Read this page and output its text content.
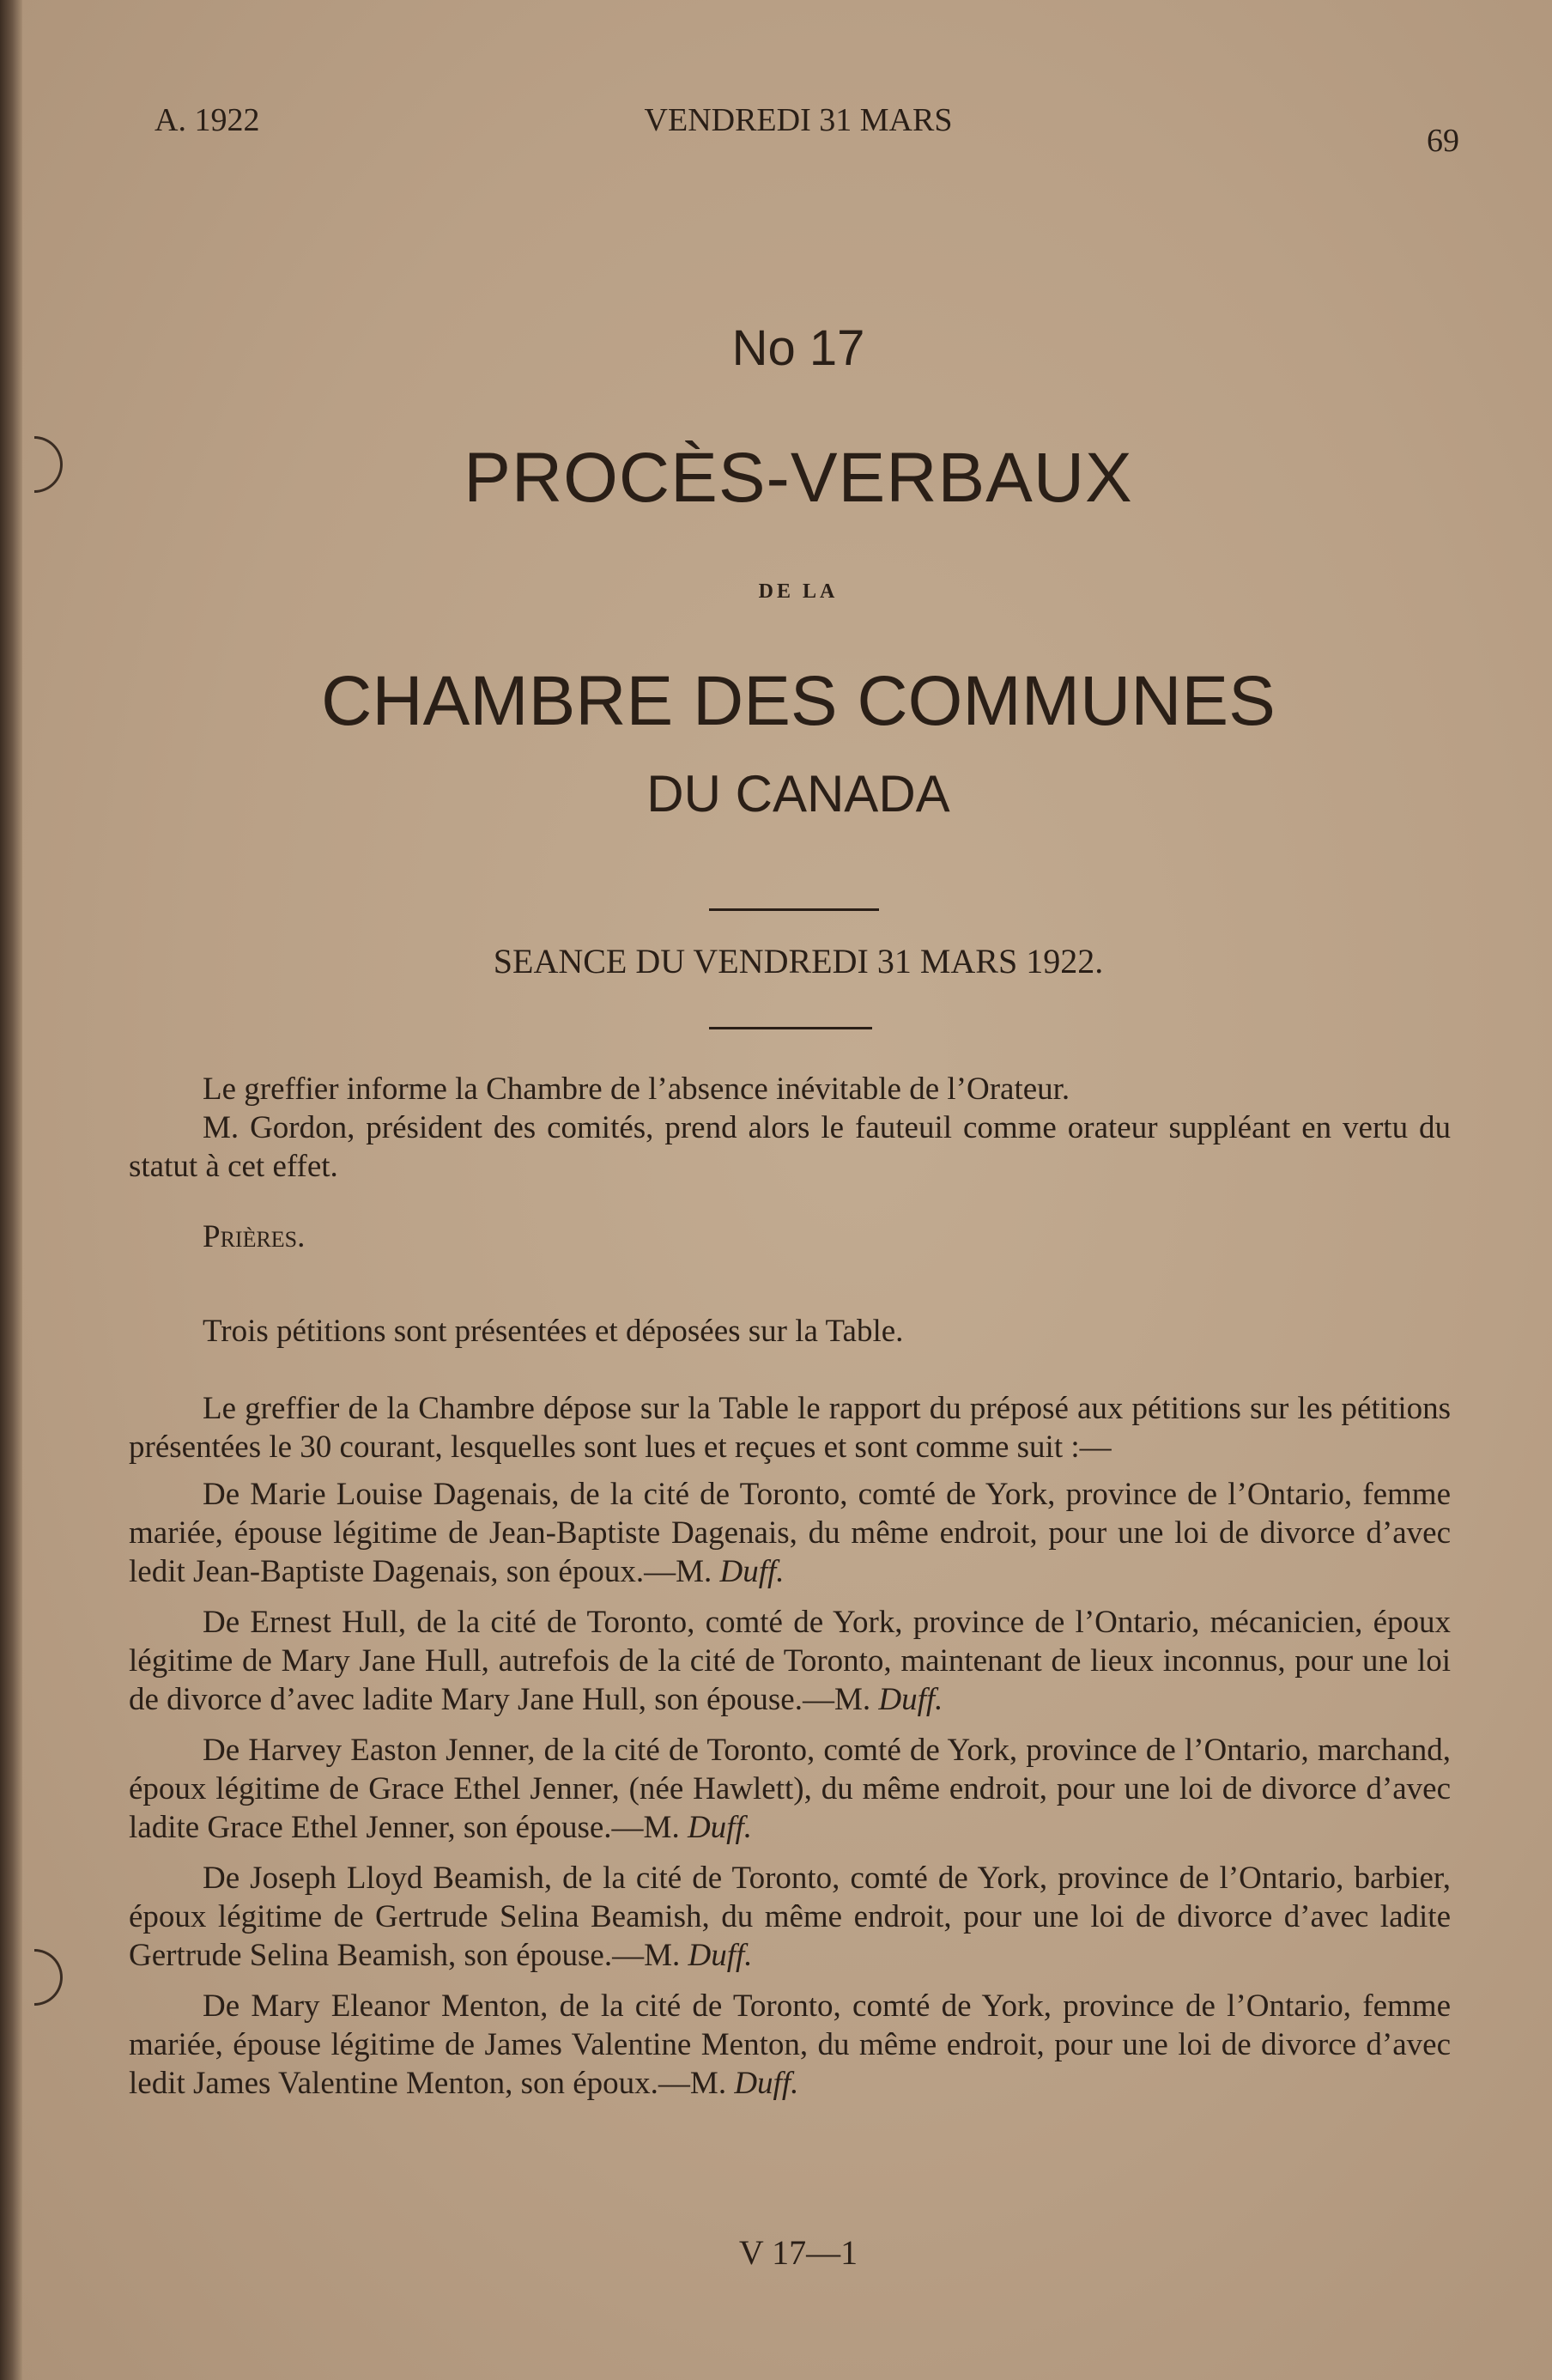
A. 1922	VENDREDI 31 MARS
69
No 17
PROCÈS-VERBAUX
DE LA
CHAMBRE DES COMMUNES
DU CANADA
SEANCE DU VENDREDI 31 MARS 1922.

Le greffier informe la Chambre de l’absence inévitable de l’Orateur.

M. Gordon, président des comités, prend alors le fauteuil comme orateur suppléant en vertu du statut à cet effet.

Prières.

Trois pétitions sont présentées et déposées sur la Table.

Le greffier de la Chambre dépose sur la Table le rapport du préposé aux pétitions sur les pétitions présentées le 30 courant, lesquelles sont lues et reçues et sont comme suit :—

De Marie Louise Dagenais, de la cité de Toronto, comté de York, province de l’Ontario, femme mariée, épouse légitime de Jean-Baptiste Dagenais, du même endroit, pour une loi de divorce d’avec ledit Jean-Baptiste Dagenais, son époux.—M. Duff.

De Ernest Hull, de la cité de Toronto, comté de York, province de l’Ontario, mécanicien, époux légitime de Mary Jane Hull, autrefois de la cité de Toronto, maintenant de lieux inconnus, pour une loi de divorce d’avec ladite Mary Jane Hull, son épouse.—M. Duff.

De Harvey Easton Jenner, de la cité de Toronto, comté de York, province de l’Ontario, marchand, époux légitime de Grace Ethel Jenner, (née Hawlett), du même endroit, pour une loi de divorce d’avec ladite Grace Ethel Jenner, son épouse.—M. Duff.

De Joseph Lloyd Beamish, de la cité de Toronto, comté de York, province de l’Ontario, barbier, époux légitime de Gertrude Selina Beamish, du même endroit, pour une loi de divorce d’avec ladite Gertrude Selina Beamish, son épouse.—M. Duff.

De Mary Eleanor Menton, de la cité de Toronto, comté de York, province de l’Ontario, femme mariée, épouse légitime de James Valentine Menton, du même endroit, pour une loi de divorce d’avec ledit James Valentine Menton, son époux.—M. Duff.

V 17—1
